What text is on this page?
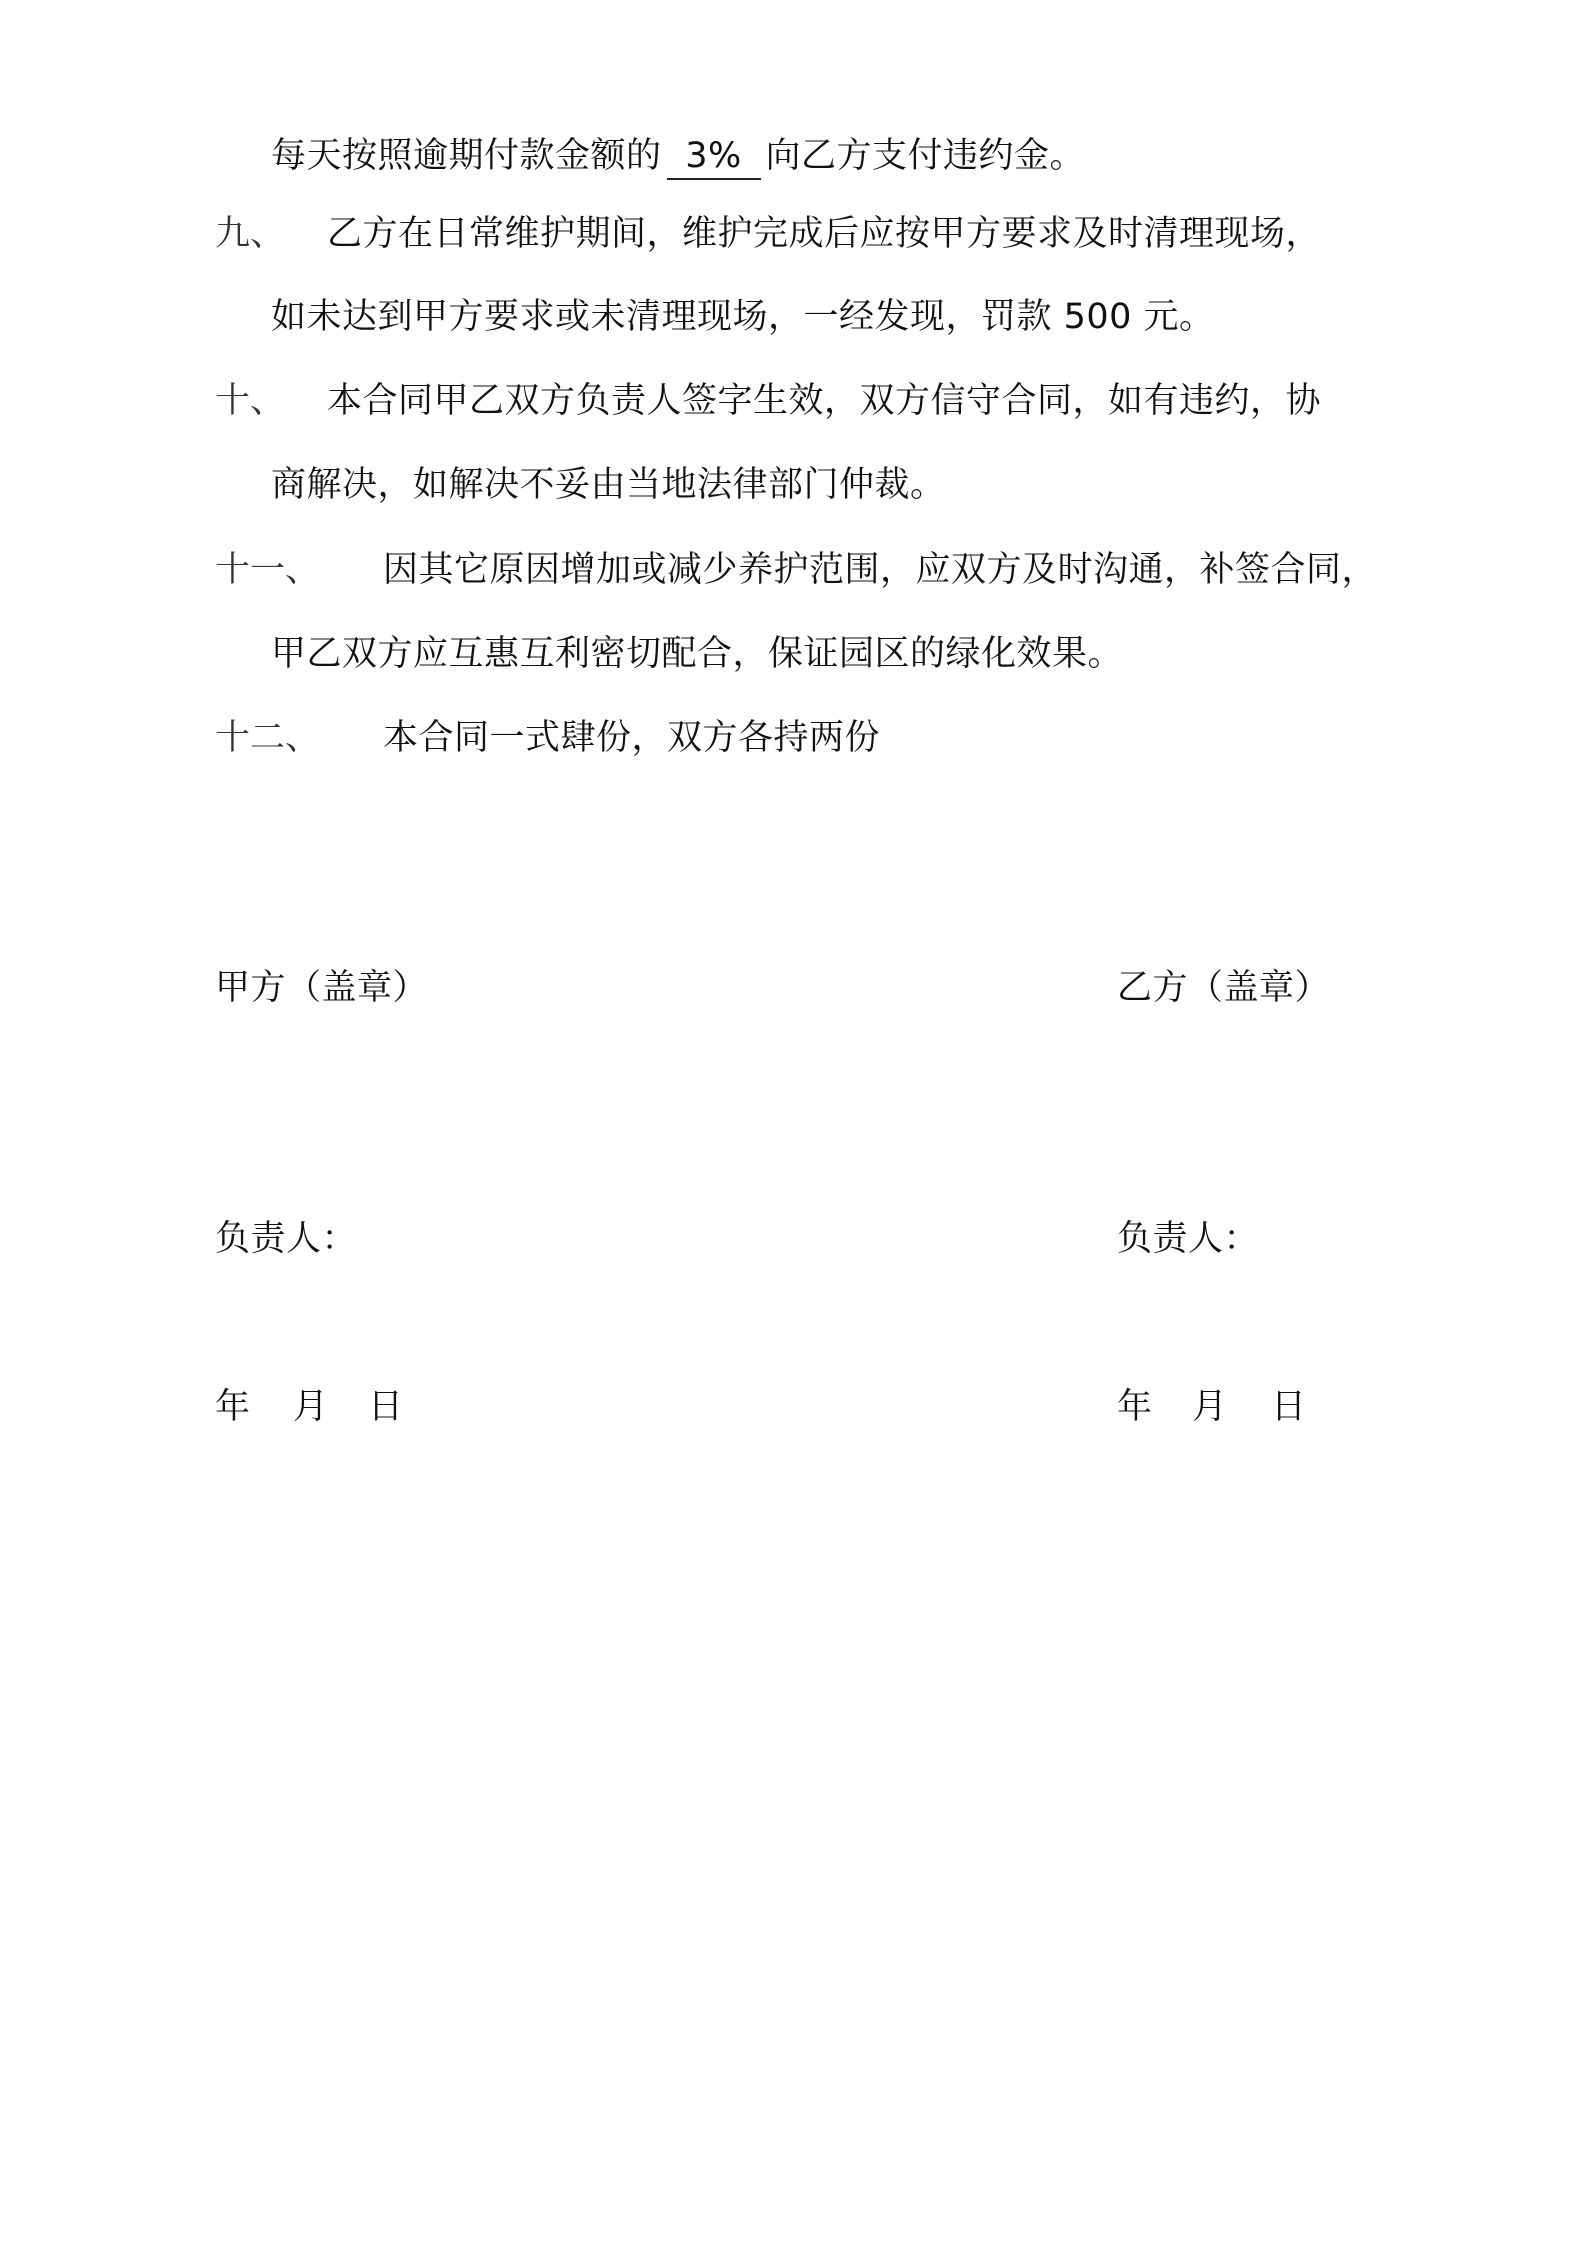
每天按照逾期付款金额的 3% 向乙方支付违约金。
九、 乙方在日常维护期间，维护完成后应按甲方要求及时清理现场，
如未达到甲方要求或未清理现场，一经发现，罚款 500 元。
十、 本合同甲乙双方负责人签字生效，双方信守合同，如有违约，协
商解决，如解决不妥由当地法律部门仲裁。
十一、 因其它原因增加或减少养护范围，应双方及时沟通，补签合同，
甲乙双方应互惠互利密切配合，保证园区的绿化效果。
十二、 本合同一式肆份，双方各持两份
甲方（盖章）
负责人：
年 月 日
乙方（盖章）
负责人：
年 月 日
